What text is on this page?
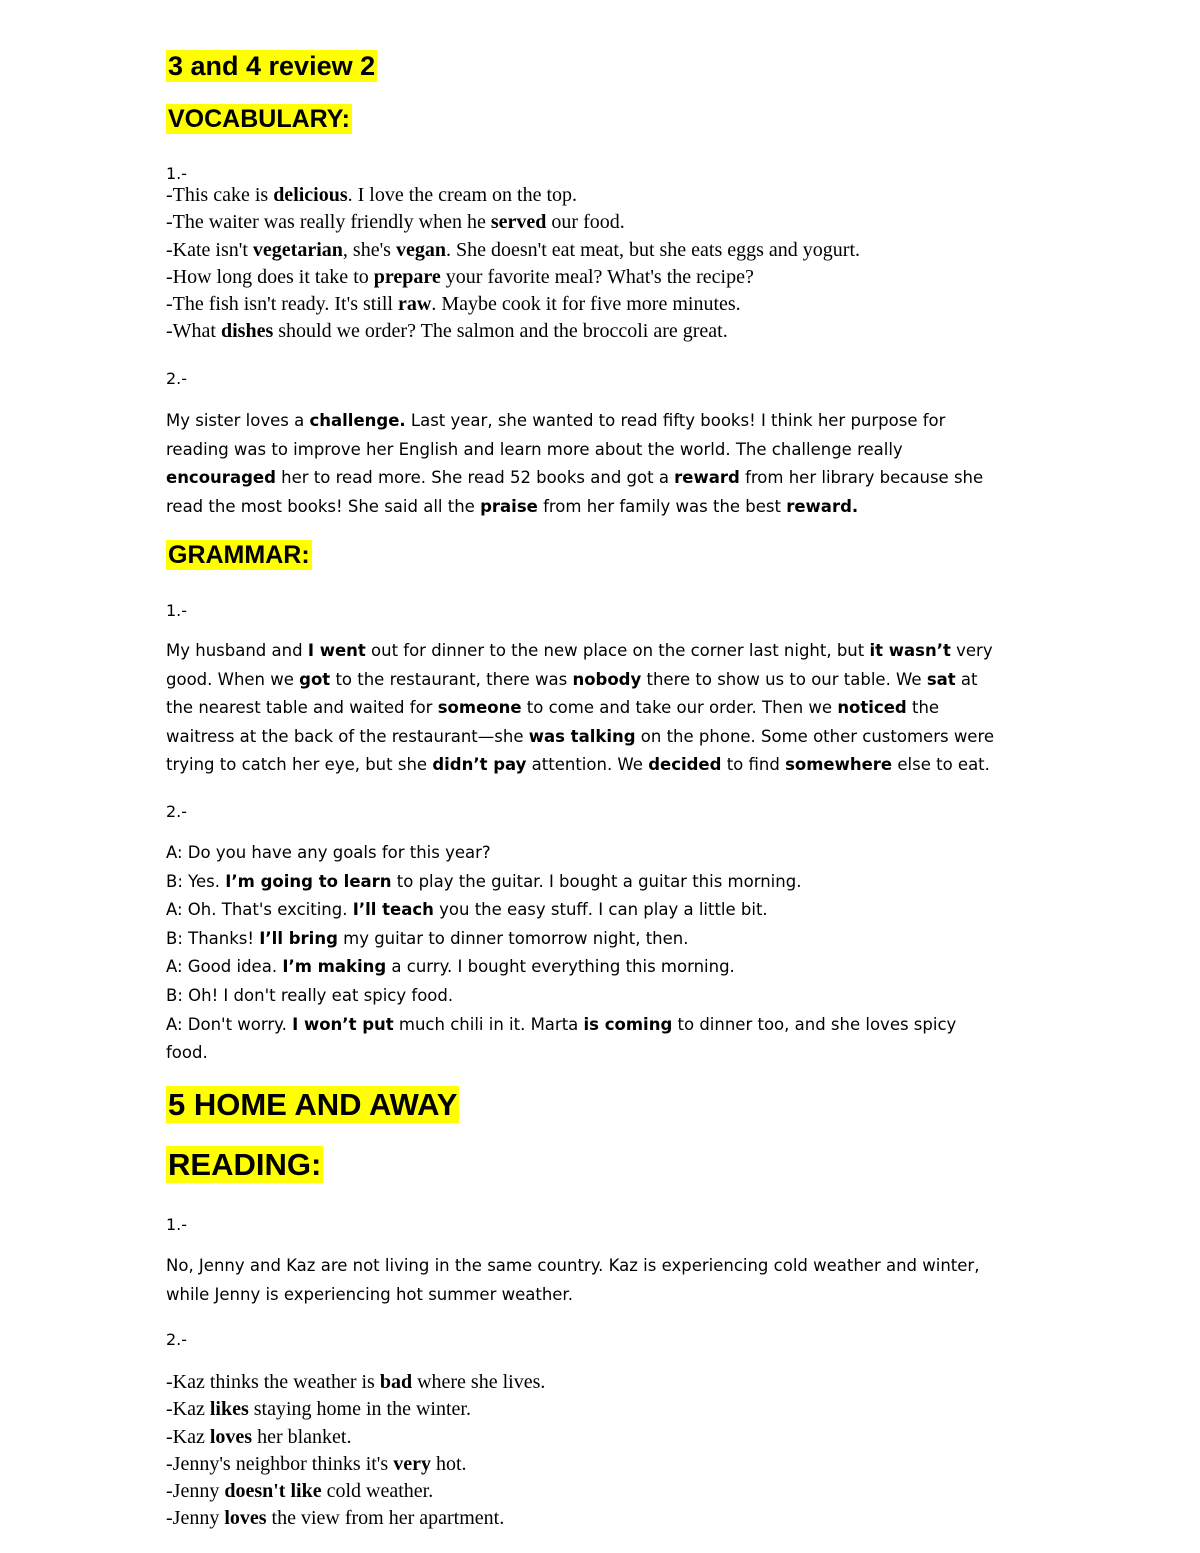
3 and 4 review 2
VOCABULARY:
1.-
-This cake is delicious. I love the cream on the top.
-The waiter was really friendly when he served our food.
-Kate isn't vegetarian, she's vegan. She doesn't eat meat, but she eats eggs and yogurt.
-How long does it take to prepare your favorite meal? What's the recipe?
-The fish isn't ready. It's still raw. Maybe cook it for five more minutes.
-What dishes should we order? The salmon and the broccoli are great.
2.-
My sister loves a challenge. Last year, she wanted to read fifty books! I think her purpose for
reading was to improve her English and learn more about the world. The challenge really
encouraged her to read more. She read 52 books and got a reward from her library because she
read the most books! She said all the praise from her family was the best reward.
GRAMMAR:
1.-
My husband and I went out for dinner to the new place on the corner last night, but it wasn’t very
good. When we got to the restaurant, there was nobody there to show us to our table. We sat at
the nearest table and waited for someone to come and take our order. Then we noticed the
waitress at the back of the restaurant—she was talking on the phone. Some other customers were
trying to catch her eye, but she didn’t pay attention. We decided to find somewhere else to eat.
2.-
A: Do you have any goals for this year?
B: Yes. I’m going to learn to play the guitar. I bought a guitar this morning.
A: Oh. That's exciting. I’ll teach you the easy stuff. I can play a little bit.
B: Thanks! I’ll bring my guitar to dinner tomorrow night, then.
A: Good idea. I’m making a curry. I bought everything this morning.
B: Oh! I don't really eat spicy food.
A: Don't worry. I won’t put much chili in it. Marta is coming to dinner too, and she loves spicy
food.
5 HOME AND AWAY
READING:
1.-
No, Jenny and Kaz are not living in the same country. Kaz is experiencing cold weather and winter,
while Jenny is experiencing hot summer weather.
2.-
-Kaz thinks the weather is bad where she lives.
-Kaz likes staying home in the winter.
-Kaz loves her blanket.
-Jenny's neighbor thinks it's very hot.
-Jenny doesn't like cold weather.
-Jenny loves the view from her apartment.
